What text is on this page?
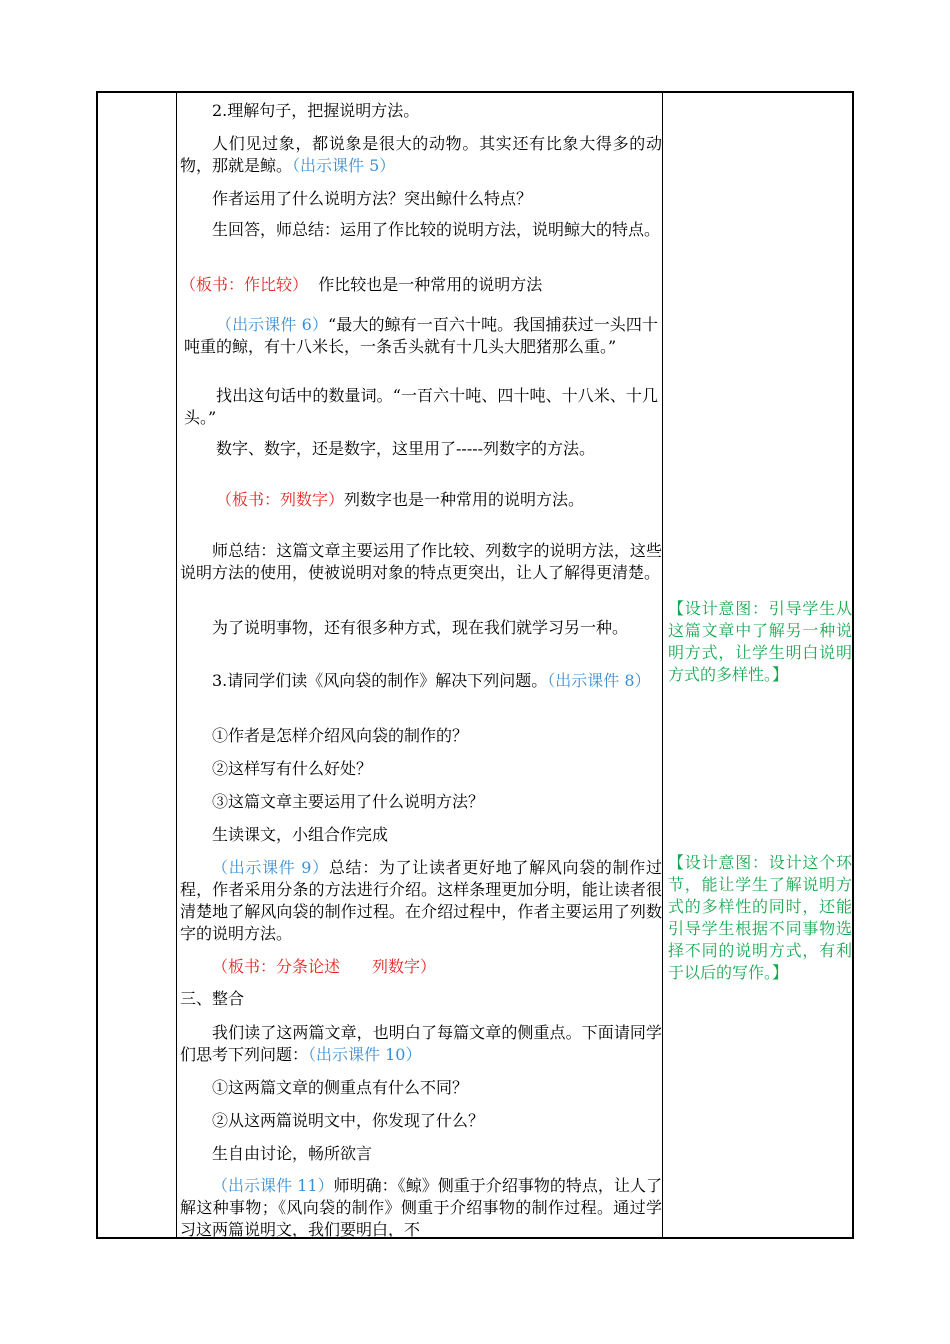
2.理解句子，把握说明方法。
人们见过象，都说象是很大的动物。其实还有比象大得多的动物，那就是鲸。（出示课件 5）
作者运用了什么说明方法？突出鲸什么特点？
生回答，师总结：运用了作比较的说明方法，说明鲸大的特点。
（板书：作比较） 作比较也是一种常用的说明方法
（出示课件 6）“最大的鲸有一百六十吨。我国捕获过一头四十吨重的鲸，有十八米长，一条舌头就有十几头大肥猪那么重。”
找出这句话中的数量词。“一百六十吨、四十吨、十八米、十几头。”
数字、数字，还是数字，这里用了-----列数字的方法。
（板书：列数字）列数字也是一种常用的说明方法。
师总结：这篇文章主要运用了作比较、列数字的说明方法，这些说明方法的使用，使被说明对象的特点更突出，让人了解得更清楚。
为了说明事物，还有很多种方式，现在我们就学习另一种。
3.请同学们读《风向袋的制作》解决下列问题。（出示课件 8）
①作者是怎样介绍风向袋的制作的？
②这样写有什么好处？
③这篇文章主要运用了什么说明方法？
生读课文，小组合作完成
（出示课件 9）总结：为了让读者更好地了解风向袋的制作过程，作者采用分条的方法进行介绍。这样条理更加分明，能让读者很清楚地了解风向袋的制作过程。在介绍过程中，作者主要运用了列数字的说明方法。
（板书：分条论述　　列数字）
三、整合
我们读了这两篇文章，也明白了每篇文章的侧重点。下面请同学们思考下列问题：（出示课件 10）
①这两篇文章的侧重点有什么不同？
②从这两篇说明文中，你发现了什么？
生自由讨论，畅所欲言
（出示课件 11）师明确：《鲸》侧重于介绍事物的特点，让人了解这种事物；《风向袋的制作》侧重于介绍事物的制作过程。通过学习这两篇说明文，我们要明白，不
【设计意图：引导学生从这篇文章中了解另一种说明方式，让学生明白说明方式的多样性。】
【设计意图：设计这个环节，能让学生了解说明方式的多样性的同时，还能引导学生根据不同事物选择不同的说明方式，有利于以后的写作。】
